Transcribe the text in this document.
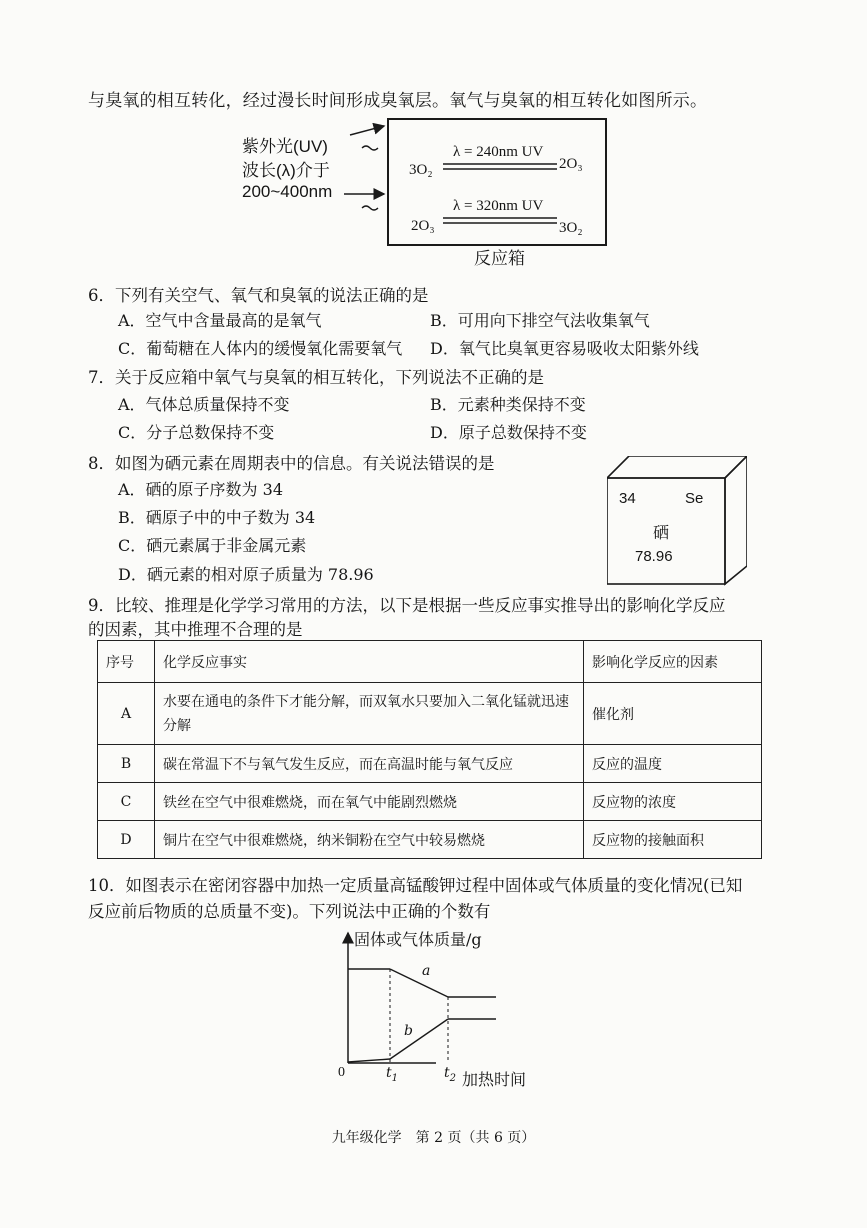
与臭氧的相互转化，经过漫长时间形成臭氧层。氧气与臭氧的相互转化如图所示。
紫外光(UV)
波长(λ)介于
200~400nm
3O₂
λ = 240nm UV
2O₃
2O₃
λ = 320nm UV
3O₂
反应箱
6．下列有关空气、氧气和臭氧的说法正确的是
A．空气中含量最高的是氧气	B．可用向下排空气法收集氧气
C．葡萄糖在人体内的缓慢氧化需要氧气 D．氧气比臭氧更容易吸收太阳紫外线
7．关于反应箱中氧气与臭氧的相互转化，下列说法不正确的是
A．气体总质量保持不变	B．元素种类保持不变
C．分子总数保持不变	D．原子总数保持不变
8．如图为硒元素在周期表中的信息。有关说法错误的是
A．硒的原子序数为 34
B．硒原子中的中子数为 34
C．硒元素属于非金属元素
D．硒元素的相对原子质量为 78.96
34	Se
硒
78.96
9．比较、推理是化学学习常用的方法，以下是根据一些反应事实推导出的影响化学反应
的因素，其中推理不合理的是
序号	化学反应事实	影响化学反应的因素
A	水要在通电的条件下才能分解，而双氧水只要加入二氧化锰就迅速分解	催化剂
B	碳在常温下不与氧气发生反应，而在高温时能与氧气反应	反应的温度
C	铁丝在空气中很难燃烧，而在氧气中能剧烈燃烧	反应物的浓度
D	铜片在空气中很难燃烧，纳米铜粉在空气中较易燃烧	反应物的接触面积
10．如图表示在密闭容器中加热一定质量高锰酸钾过程中固体或气体质量的变化情况(已知
反应前后物质的总质量不变)。下列说法中正确的个数有
固体或气体质量/g
0	$t_1$	$t_2$ 加热时间
a
b
九年级化学　第 2 页（共 6 页）
